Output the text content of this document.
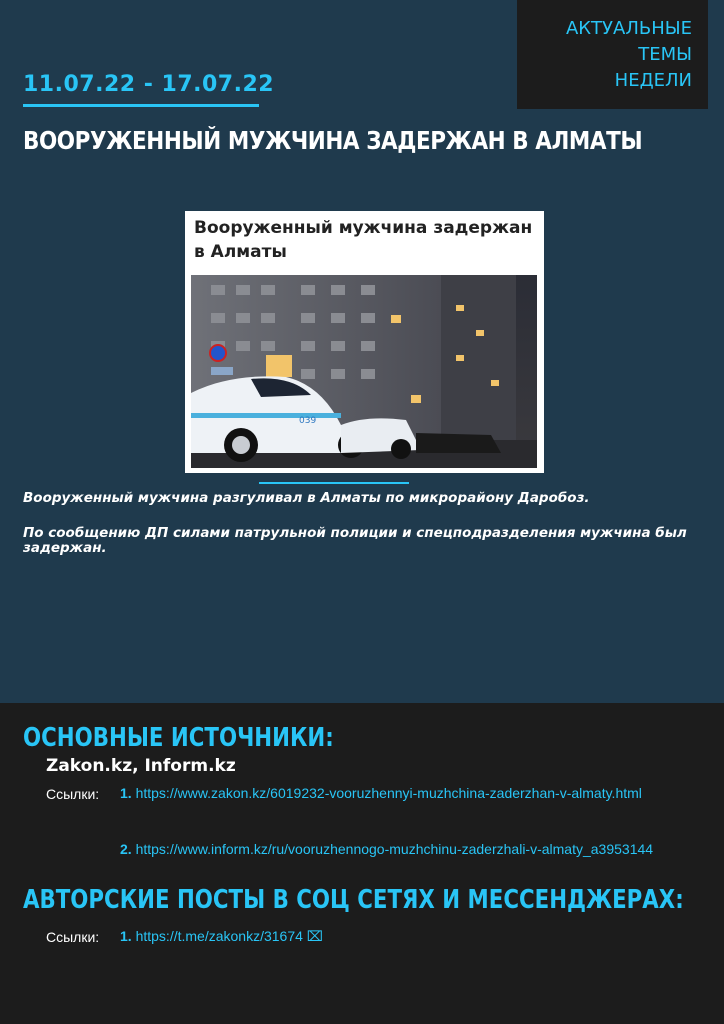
АКТУАЛЬНЫЕ ТЕМЫ
НЕДЕЛИ
11.07.22 - 17.07.22
ВООРУЖЕННЫЙ МУЖЧИНА ЗАДЕРЖАН В АЛМАТЫ
Вооруженный мужчина задержан в Алматы
039

Вооруженный мужчина разгуливал в Алматы по микрорайону Даробоз.

По сообщению ДП силами патрульной полиции и спецподразделения мужчина был задержан.

ОСНОВНЫЕ ИСТОЧНИКИ:
Zakon.kz, Inform.kz
Ссылки: 1. https://www.zakon.kz/6019232-vooruzhennyi-muzhchina-zaderzhan-v-almaty.html
2. https://www.inform.kz/ru/vooruzhennogo-muzhchinu-zaderzhali-v-almaty_a3953144
АВТОРСКИЕ ПОСТЫ В СОЦ СЕТЯХ И МЕССЕНДЖЕРАХ:
Ссылки: 1. https://t.me/zakonkz/31674 ⌧
